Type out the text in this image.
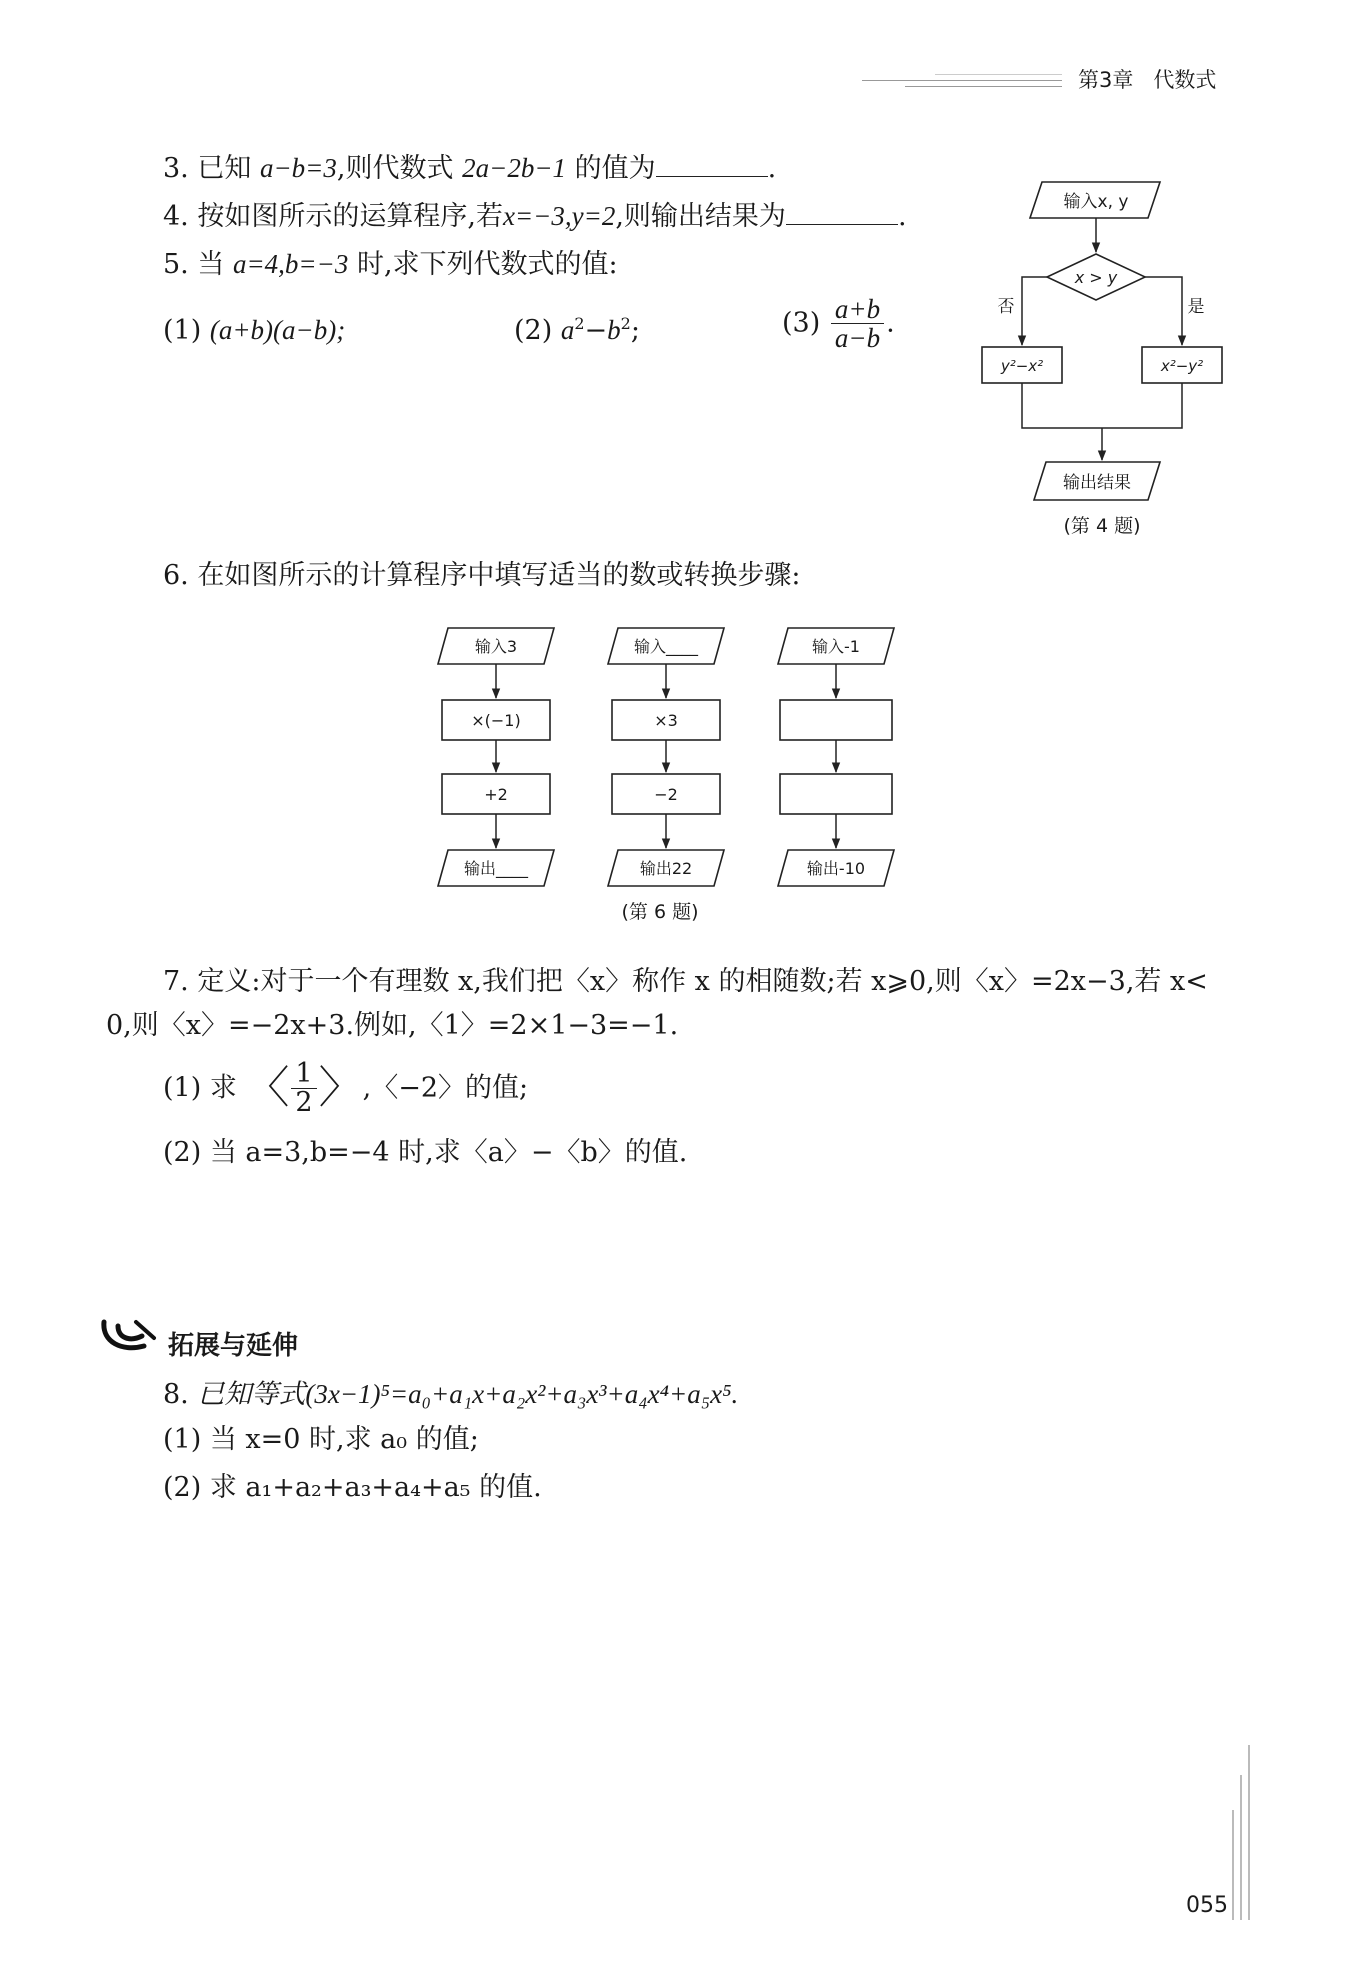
第3章 代数式
3. 已知 a−b=3,则代数式 2a−2b−1 的值为	.
4. 按如图所示的运算程序,若x=−3,y=2,则输出结果为	.
5. 当 a=4,b=−3 时,求下列代数式的值:
(1) (a+b)(a−b);	(2) $a^2-b^2$;	$(3) \frac{a+b}{a-b}$ .
输入x, y
x > y
否	是
y²−x²	x²−y²
输出结果
(第 4 题)
6. 在如图所示的计算程序中填写适当的数或转换步骤:
输入3
×(−1)
+2
输出____
输入____
×3
−2
输出22
输入-1
输出-10
(第 6 题)
7. 定义:对于一个有理数 x,我们把〈x〉称作 x 的相随数;若 x⩾0,则〈x〉=2x−3,若 x<
0,则〈x〉=−2x+3.例如,〈1〉=2×1−3=−1.
(1) 求 〈 $\frac{1}{2}$ 〉,〈−2〉的值;
(2) 当 a=3,b=−4 时,求〈a〉−〈b〉的值.
拓展与延伸
8. 已知等式(3x−1)⁵=a₀+a₁x+a₂x²+a₃x³+a₄x⁴+a₅x⁵.
(1) 当 x=0 时,求 a₀ 的值;
(2) 求 a₁+a₂+a₃+a₄+a₅ 的值.
055
